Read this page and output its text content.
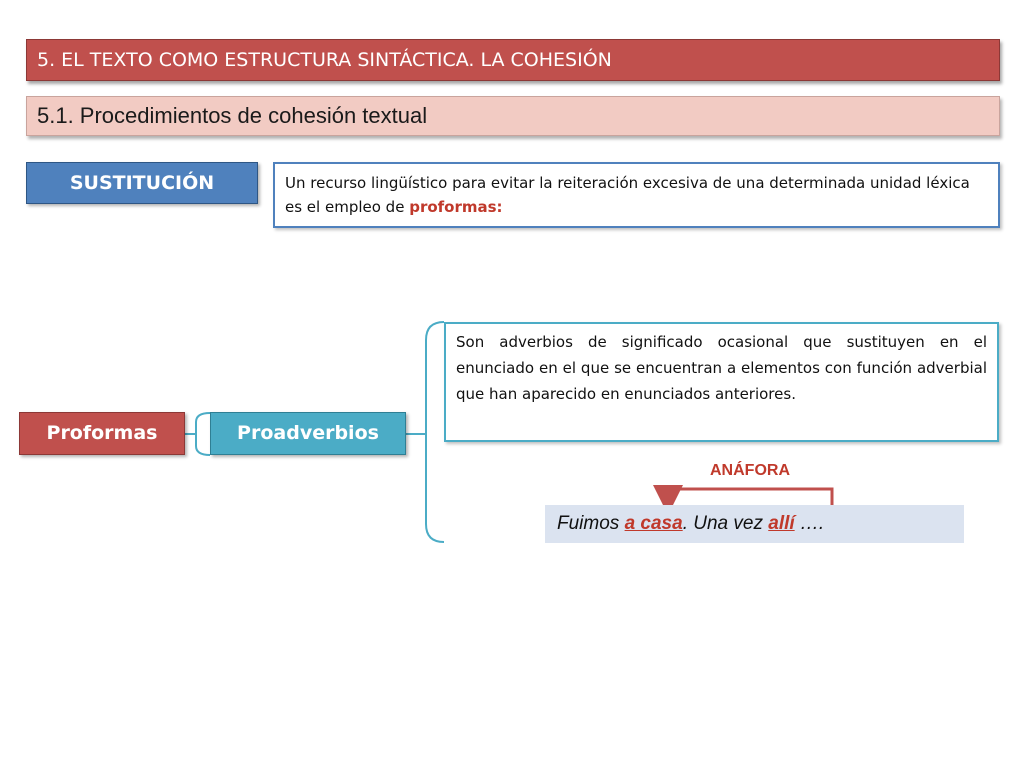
5. EL TEXTO COMO ESTRUCTURA SINTÁCTICA. LA COHESIÓN
5.1. Procedimientos de cohesión textual
SUSTITUCIÓN	Un recurso lingüístico para evitar la reiteración excesiva de una determinada unidad léxica es el empleo de proformas:
Proformas	Proadverbios
Son adverbios de significado ocasional que sustituyen en el enunciado en el que se encuentran a elementos con función adverbial que han aparecido en enunciados anteriores.
ANÁFORA
Fuimos a casa. Una vez allí ….
